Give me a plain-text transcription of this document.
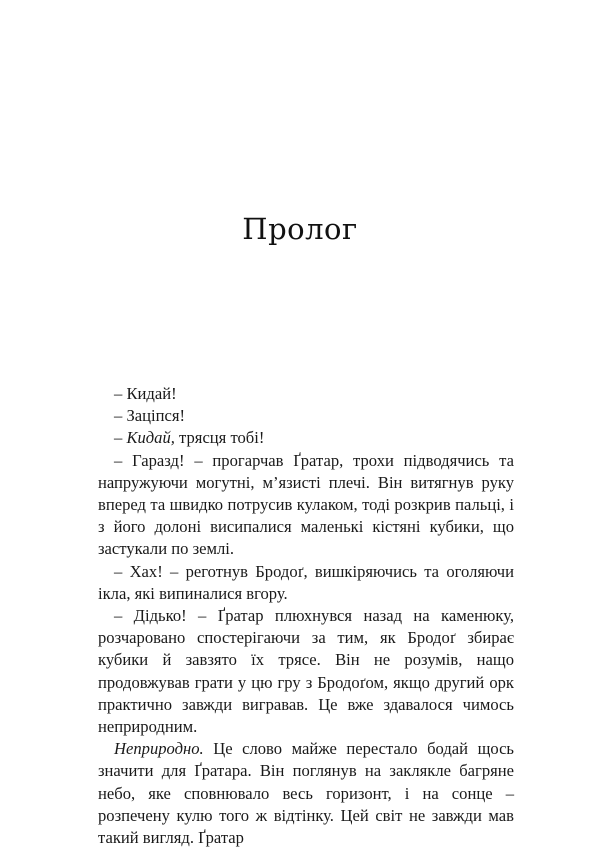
Пролог

– Кидай!

– Заціпся!

– Кидай, трясця тобі!

– Гаразд! – прогарчав Ґратар, трохи підводячись та напружуючи могутні, м’язисті плечі. Він витягнув руку вперед та швидко потрусив кулаком, тоді розкрив пальці, і з його долоні висипалися маленькі кістяні кубики, що застукали по землі.

– Хах! – реготнув Бродоґ, вишкіряючись та оголяючи ікла, які випиналися вгору.

– Дідько! – Ґратар плюхнувся назад на каменюку, розчаровано спостерігаючи за тим, як Бродоґ збирає кубики й завзято їх трясе. Він не розумів, нащо продовжував грати у цю гру з Бродоґом, якщо другий орк практично завжди вигравав. Це вже здавалося чимось неприродним.

Неприродно. Це слово майже перестало бодай щось значити для Ґратара. Він поглянув на заклякле багряне небо, яке сповнювало весь горизонт, і на сонце – розпечену кулю того ж відтінку. Цей світ не завжди мав такий вигляд. Ґратар
